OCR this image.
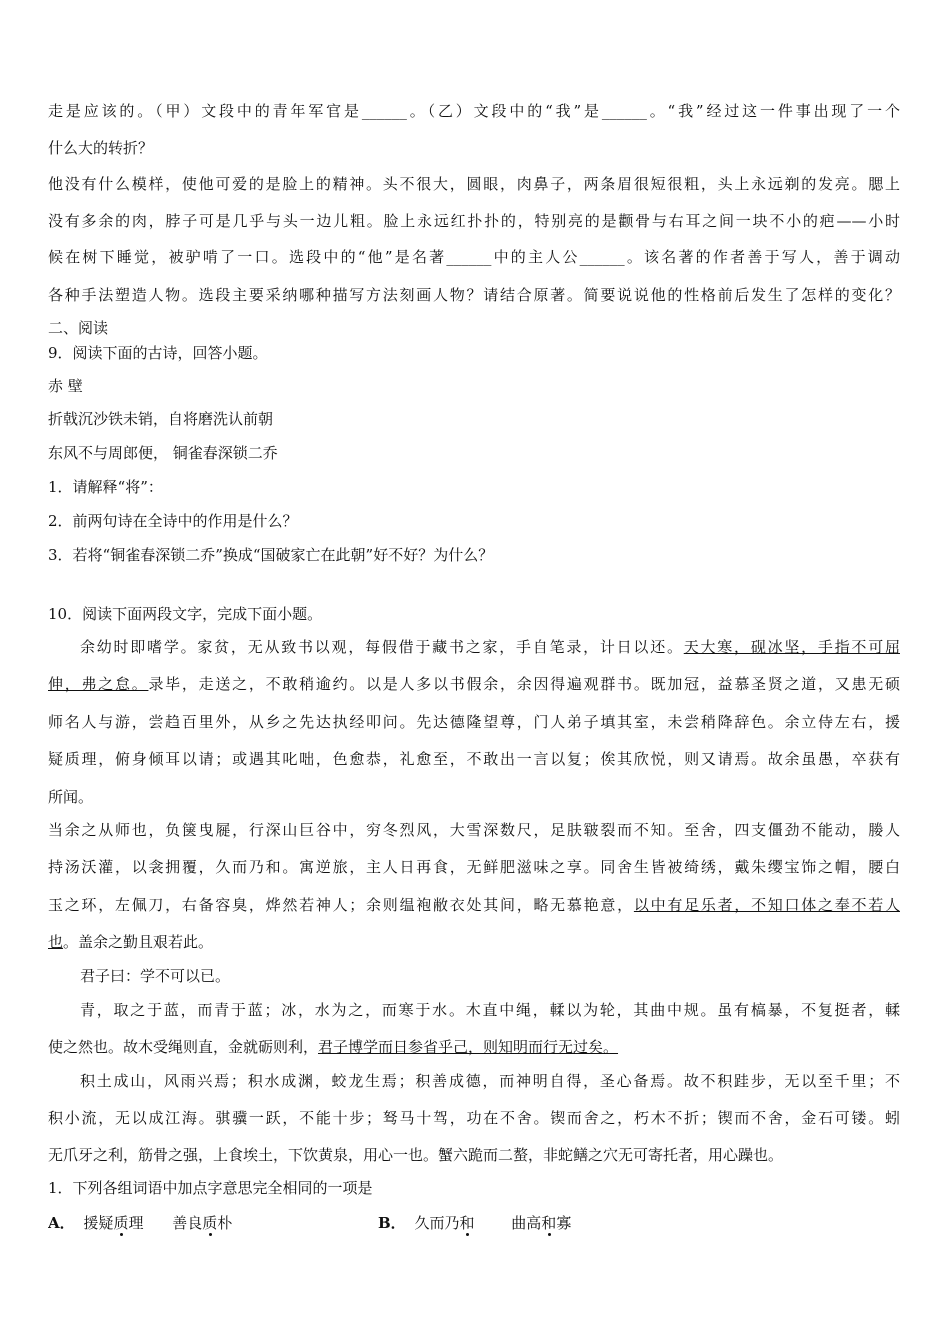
走是应该的。（甲）文段中的青年军官是______。（乙）文段中的“我”是______。“我”经过这一件事出现了一个
什么大的转折？
他没有什么模样，使他可爱的是脸上的精神。头不很大，圆眼，肉鼻子，两条眉很短很粗，头上永远剃的发亮。腮上
没有多余的肉，脖子可是几乎与头一边儿粗。脸上永远红扑扑的，特别亮的是颧骨与右耳之间一块不小的疤——小时
候在树下睡觉，被驴啃了一口。选段中的“他”是名著______中的主人公______。该名著的作者善于写人，善于调动
各种手法塑造人物。选段主要采纳哪种描写方法刻画人物？请结合原著。简要说说他的性格前后发生了怎样的变化？
二、阅读
9．阅读下面的古诗，回答小题。
赤 壁
折戟沉沙铁未销，自将磨洗认前朝
东风不与周郎便， 铜雀春深锁二乔
1．请解释“将”：
2．前两句诗在全诗中的作用是什么？
3．若将“铜雀春深锁二乔”换成“国破家亡在此朝”好不好？为什么？
10．阅读下面两段文字，完成下面小题。
余幼时即嗜学。家贫，无从致书以观，每假借于藏书之家，手自笔录，计日以还。天大寒，砚冰坚，手指不可屈
伸，弗之怠。录毕，走送之，不敢稍逾约。以是人多以书假余，余因得遍观群书。既加冠，益慕圣贤之道，又患无硕
师名人与游，尝趋百里外，从乡之先达执经叩问。先达德隆望尊，门人弟子填其室，未尝稍降辞色。余立侍左右，援
疑质理，俯身倾耳以请；或遇其叱咄，色愈恭，礼愈至，不敢出一言以复；俟其欣悦，则又请焉。故余虽愚，卒获有
所闻。
当余之从师也，负箧曳屣，行深山巨谷中，穷冬烈风，大雪深数尺，足肤皲裂而不知。至舍，四支僵劲不能动，媵人
持汤沃灌，以衾拥覆，久而乃和。寓逆旅，主人日再食，无鲜肥滋味之享。同舍生皆被绮绣，戴朱缨宝饰之帽，腰白
玉之环，左佩刀，右备容臭，烨然若神人；余则缊袍敝衣处其间，略无慕艳意，以中有足乐者，不知口体之奉不若人
也。盖余之勤且艰若此。
君子曰：学不可以已。
青，取之于蓝，而青于蓝；冰，水为之，而寒于水。木直中绳，輮以为轮，其曲中规。虽有槁暴，不复挺者，輮
使之然也。故木受绳则直，金就砺则利，君子博学而日参省乎己，则知明而行无过矣。
积土成山，风雨兴焉；积水成渊，蛟龙生焉；积善成德，而神明自得，圣心备焉。故不积跬步，无以至千里；不
积小流，无以成江海。骐骥一跃，不能十步；驽马十驾，功在不舍。锲而舍之，朽木不折；锲而不舍，金石可镂。蚓
无爪牙之利，筋骨之强，上食埃土，下饮黄泉，用心一也。蟹六跪而二螯，非蛇鳝之穴无可寄托者，用心躁也。
1．下列各组词语中加点字意思完全相同的一项是
A． 援疑质理 善良质朴	B． 久而乃和 曲高和寡
